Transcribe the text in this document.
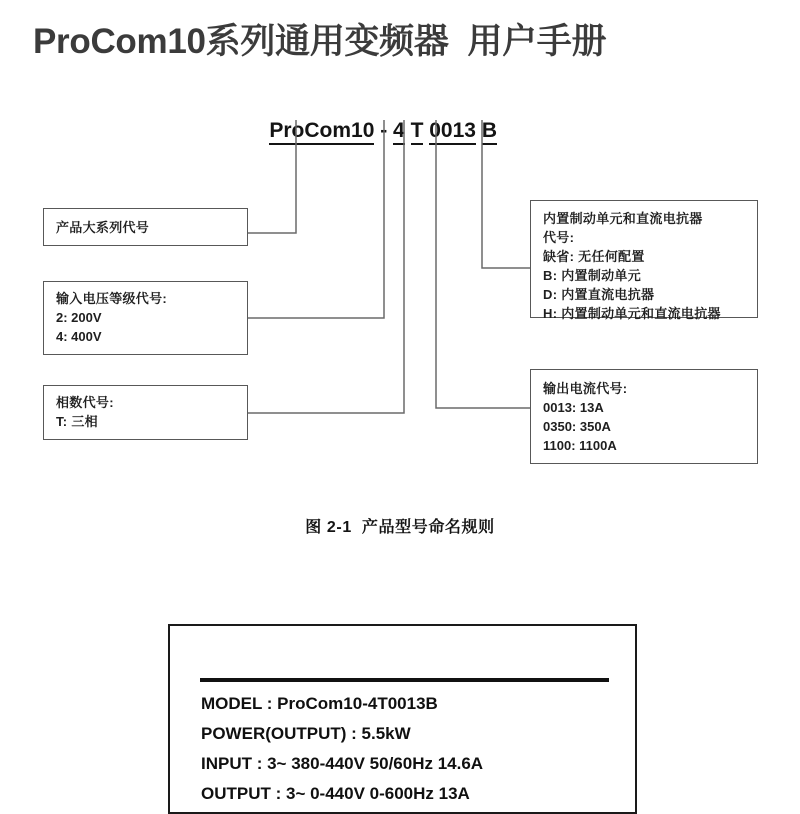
ProCom10系列通用变频器  用户手册

ProCom10 - 4 T 0013 B

产品大系列代号
输入电压等级代号:
2: 200V
4: 400V
相数代号:
T: 三相
内置制动单元和直流电抗器
代号:
缺省: 无任何配置
B: 内置制动单元
D: 内置直流电抗器
H: 内置制动单元和直流电抗器
输出电流代号:
0013: 13A
0350: 350A
1100: 1100A
图 2-1  产品型号命名规则
MODEL : ProCom10-4T0013B
POWER(OUTPUT) : 5.5kW
INPUT : 3~ 380-440V 50/60Hz 14.6A
OUTPUT : 3~ 0-440V 0-600Hz 13A
